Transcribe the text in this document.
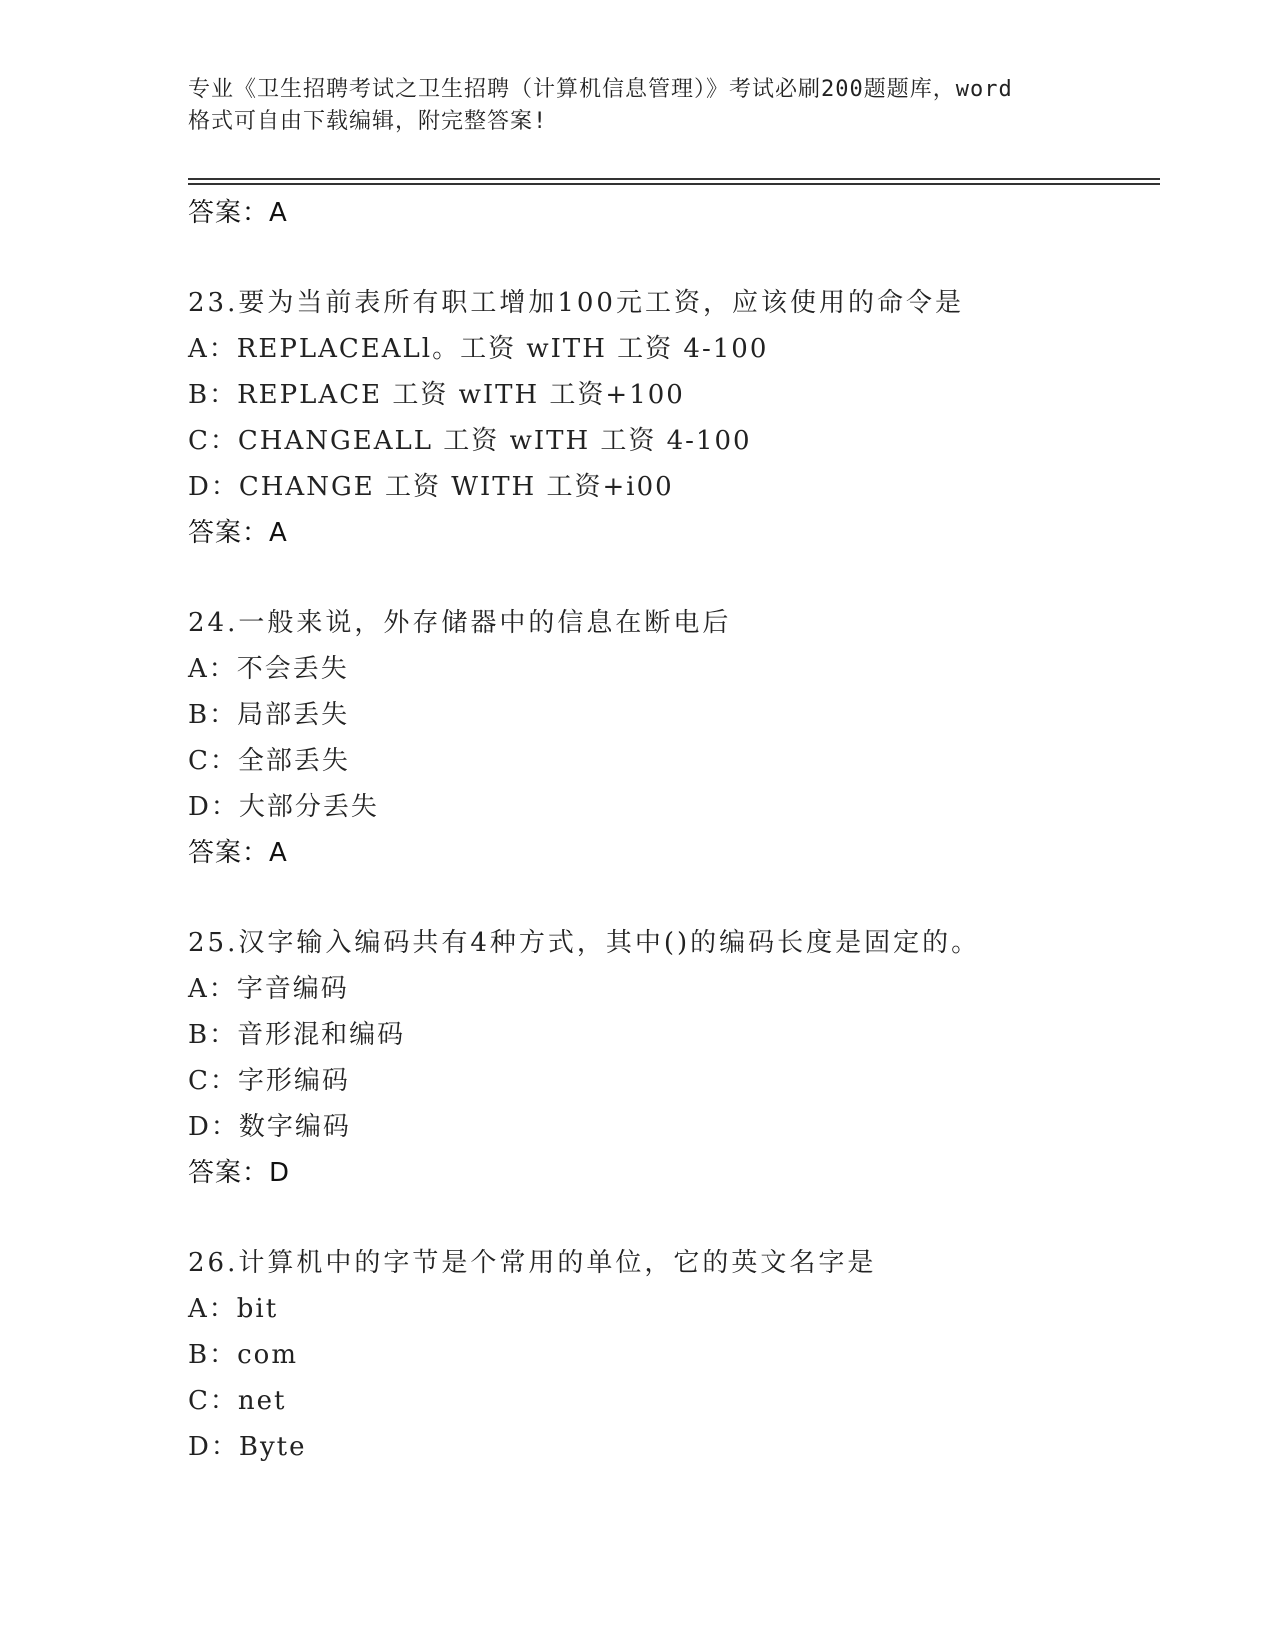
专业《卫生招聘考试之卫生招聘（计算机信息管理）》考试必刷200题题库，word
格式可自由下载编辑，附完整答案!
答案：A
23.要为当前表所有职工增加100元工资，应该使用的命令是
A：REPLACEALl。工资 wITH 工资 4-100
B：REPLACE 工资 wITH 工资+100
C：CHANGEALL 工资 wITH 工资 4-100
D：CHANGE 工资 WITH 工资+i00
答案：A
24.一般来说，外存储器中的信息在断电后
A：不会丢失
B：局部丢失
C：全部丢失
D：大部分丢失
答案：A
25.汉字输入编码共有4种方式，其中()的编码长度是固定的。
A：字音编码
B：音形混和编码
C：字形编码
D：数字编码
答案：D
26.计算机中的字节是个常用的单位，它的英文名字是
A：bit
B：com
C：net
D：Byte
